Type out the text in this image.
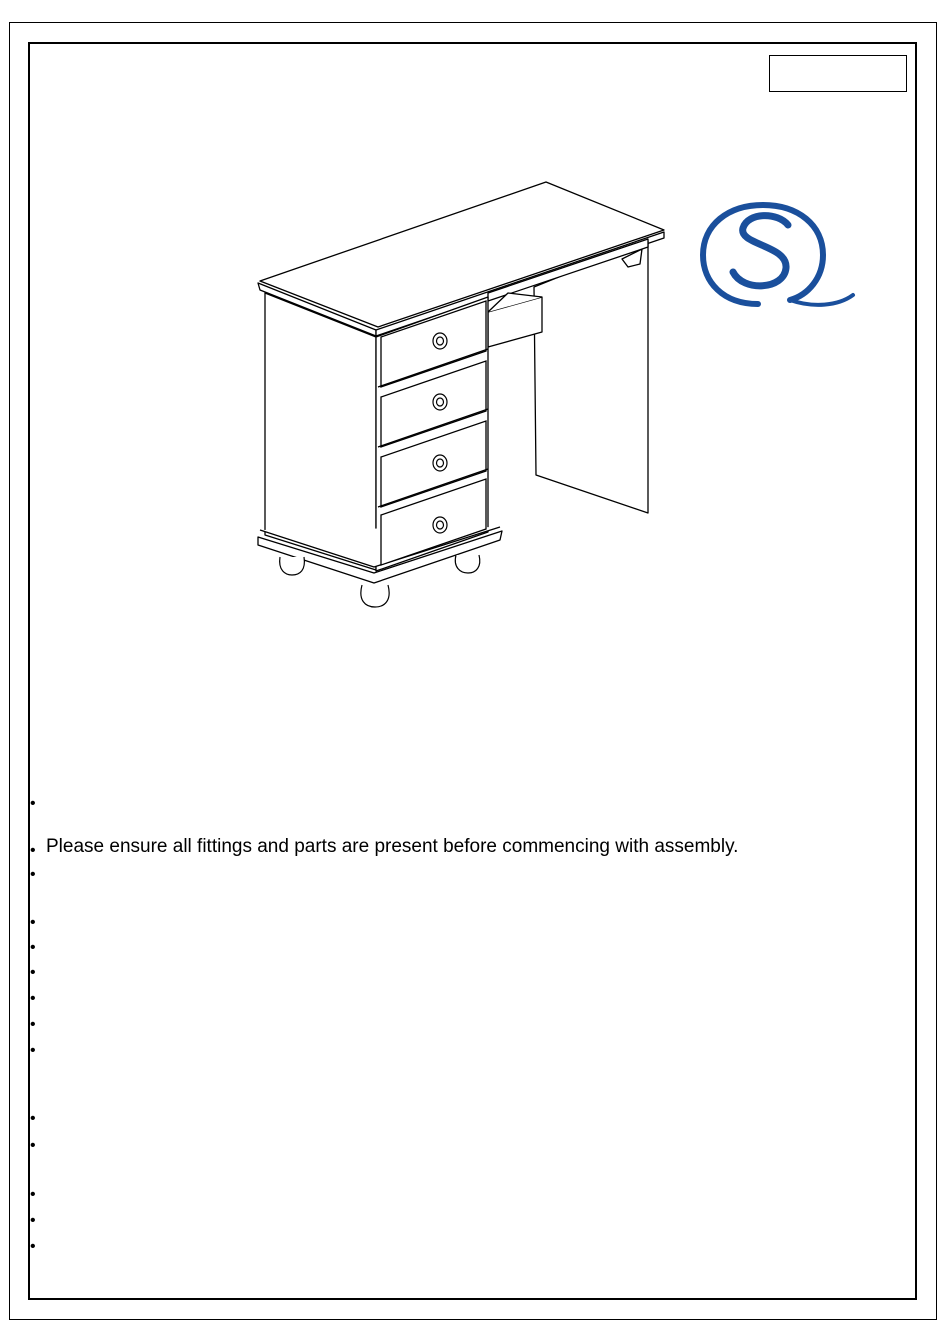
•
• Please ensure all fittings and parts are present before commencing with assembly.
•
•
•
•
•
•
•
•
•
•
•
•
